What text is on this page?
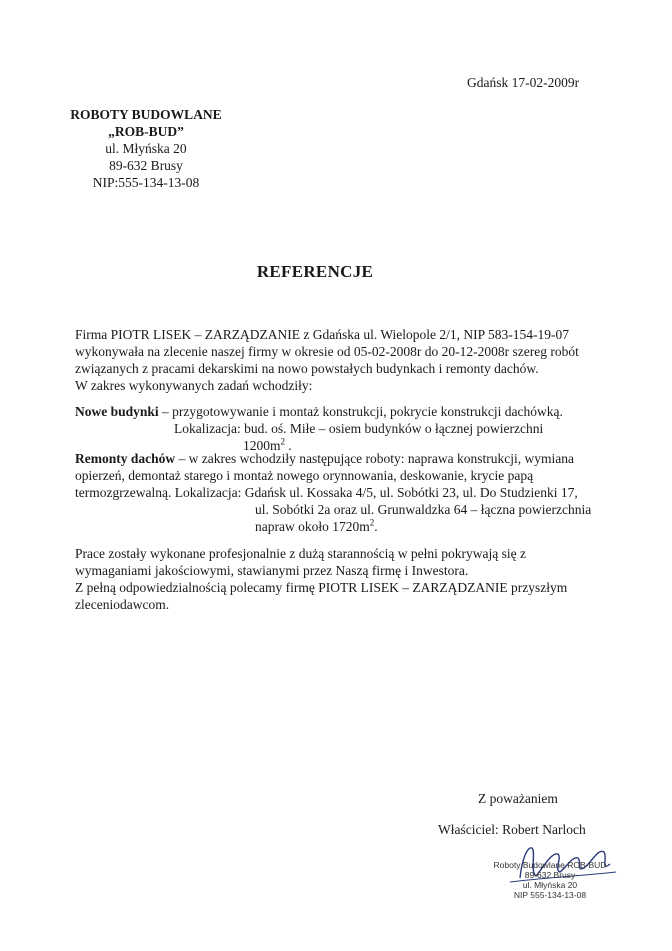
Gdańsk 17-02-2009r
ROBOTY BUDOWLANE
„ROB-BUD”
ul. Młyńska 20
89-632 Brusy
NIP:555-134-13-08
REFERENCJE
Firma PIOTR LISEK – ZARZĄDZANIE z Gdańska ul. Wielopole 2/1, NIP 583-154-19-07
wykonywała na zlecenie naszej firmy w okresie od 05-02-2008r do 20-12-2008r szereg robót
związanych z pracami dekarskimi na nowo powstałych budynkach i remonty dachów.
W zakres wykonywanych zadań wchodziły:
Nowe budynki – przygotowywanie i montaż konstrukcji, pokrycie konstrukcji dachówką.
Lokalizacja: bud. oś. Miłe – osiem budynków o łącznej powierzchni
$1200m^2$ .
Remonty dachów – w zakres wchodziły następujące roboty: naprawa konstrukcji, wymiana
opierzeń, demontaż starego i montaż nowego orynnowania, deskowanie, krycie papą
termozgrzewalną. Lokalizacja: Gdańsk ul. Kossaka 4/5, ul. Sobótki 23, ul. Do Studzienki 17,
ul. Sobótki 2a oraz ul. Grunwaldzka 64 – łączna powierzchnia
napraw około $1720m^2$.
Prace zostały wykonane profesjonalnie z dużą starannością w pełni pokrywają się z
wymaganiami jakościowymi, stawianymi przez Naszą firmę i Inwestora.
Z pełną odpowiedzialnością polecamy firmę PIOTR LISEK – ZARZĄDZANIE przyszłym
zleceniodawcom.
Z poważaniem
Właściciel: Robert Narloch
Roboty Budowlane ROB-BUD
89-632 Brusy
ul. Młyńska 20
NIP 555-134-13-08
